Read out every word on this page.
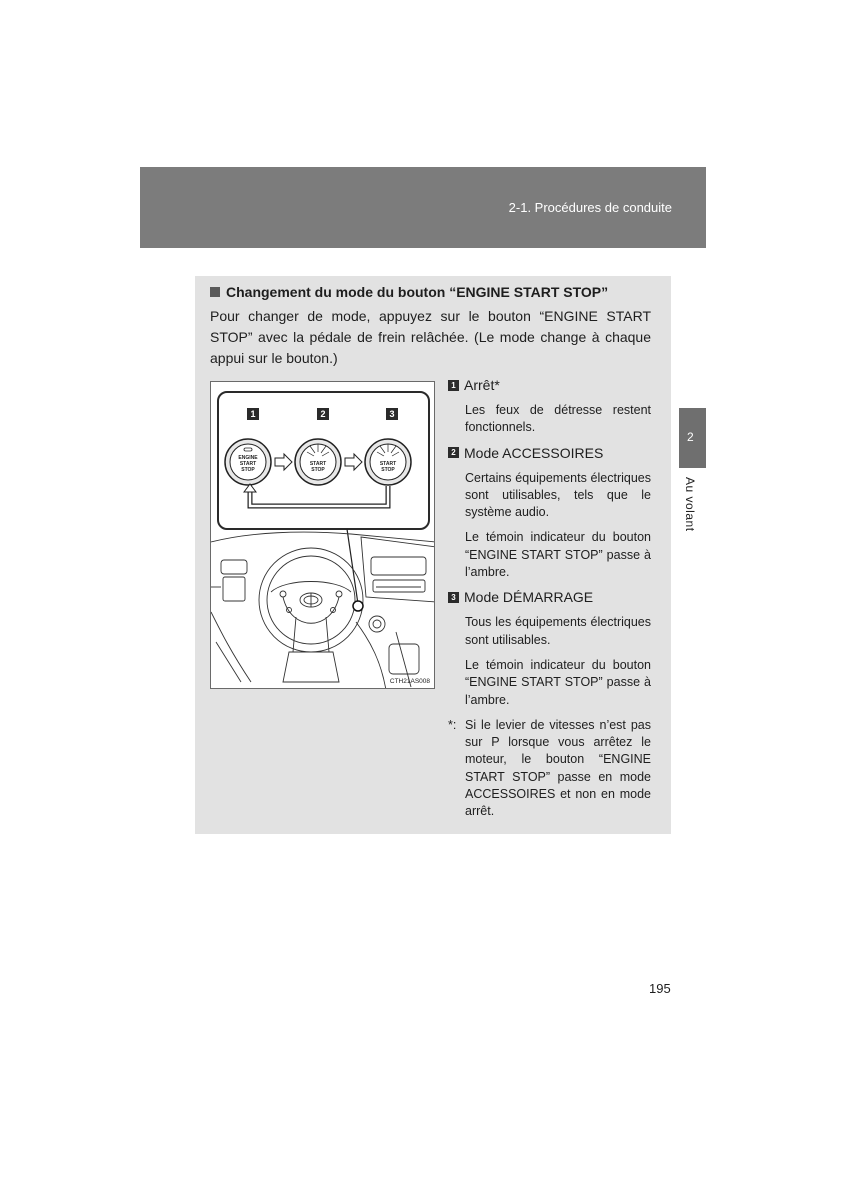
2-1. Procédures de conduite
2
Au volant
Changement du mode du bouton “ENGINE START STOP”
Pour changer de mode, appuyez sur le bouton “ENGINE START STOP” avec la pédale de frein relâchée. (Le mode change à chaque appui sur le bouton.)
1	2	3
ENGINE
START
STOP
START
STOP
START
STOP
CTH21AS008
1 Arrêt*
Les feux de détresse restent fonctionnels.
2 Mode ACCESSOIRES
Certains équipements électriques sont utilisables, tels que le système audio.
Le témoin indicateur du bouton “ENGINE START STOP” passe à l’ambre.
3 Mode DÉMARRAGE
Tous les équipements électriques sont utilisables.
Le témoin indicateur du bouton “ENGINE START STOP” passe à l’ambre.
*: Si le levier de vitesses n’est pas sur P lorsque vous arrêtez le moteur, le bouton “ENGINE START STOP” passe en mode ACCESSOIRES et non en mode arrêt.
195
